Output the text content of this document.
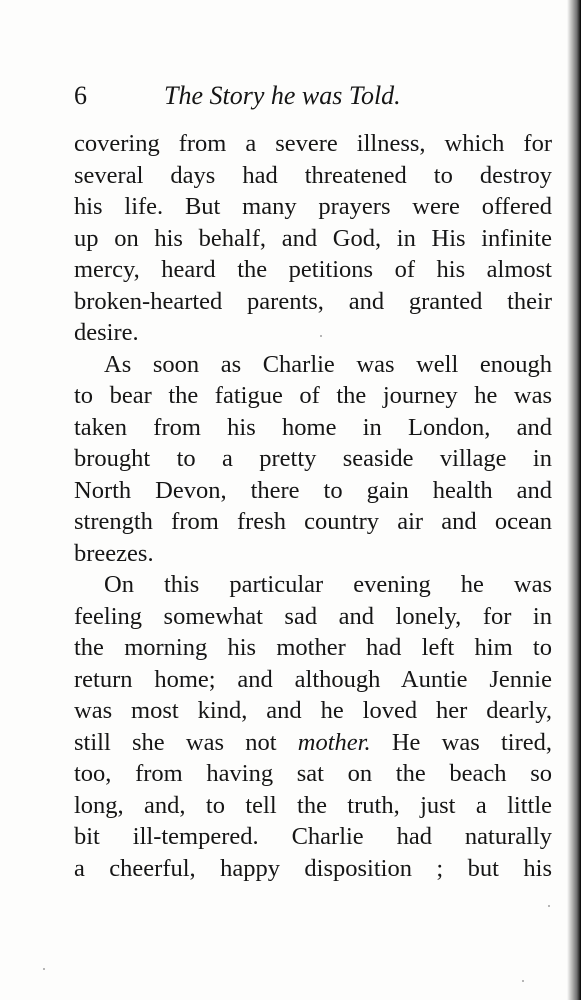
6	The Story he was Told.
covering from a severe illness, which for
several days had threatened to destroy
his life. But many prayers were offered
up on his behalf, and God, in His infinite
mercy, heard the petitions of his almost
broken-hearted parents, and granted their
desire.
As soon as Charlie was well enough
to bear the fatigue of the journey he was
taken from his home in London, and
brought to a pretty seaside village in
North Devon, there to gain health and
strength from fresh country air and ocean
breezes.
On this particular evening he was
feeling somewhat sad and lonely, for in
the morning his mother had left him to
return home; and although Auntie Jennie
was most kind, and he loved her dearly,
still she was not mother. He was tired,
too, from having sat on the beach so
long, and, to tell the truth, just a little
bit ill-tempered. Charlie had naturally
a cheerful, happy disposition ; but his
